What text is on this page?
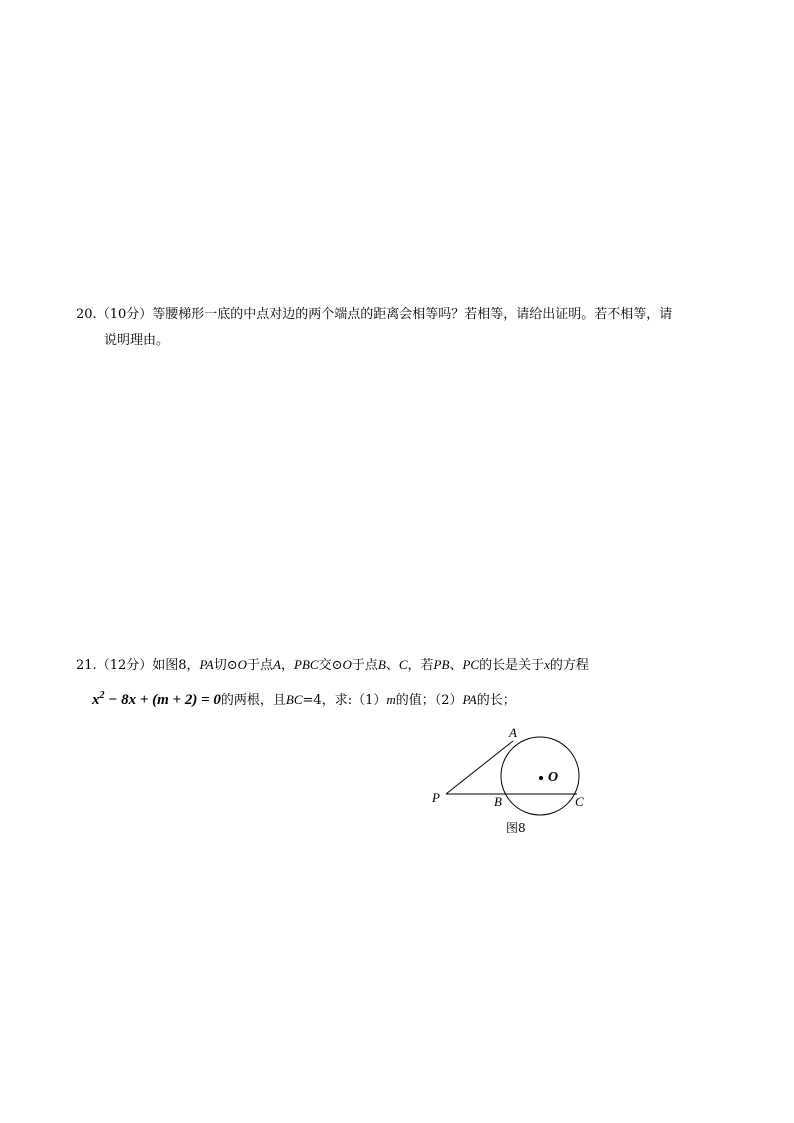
20.（10分）等腰梯形一底的中点对边的两个端点的距离会相等吗？若相等，请给出证明。若不相等，请
说明理由。
21.（12分）如图8，PA切⊙O于点A，PBC交⊙O于点B、C，若PB、PC的长是关于x的方程
$x^2 - 8x + (m + 2) = 0$的两根，且BC=4，求:（1）m的值；（2）PA的长；
A
O
P	B	C
图8
